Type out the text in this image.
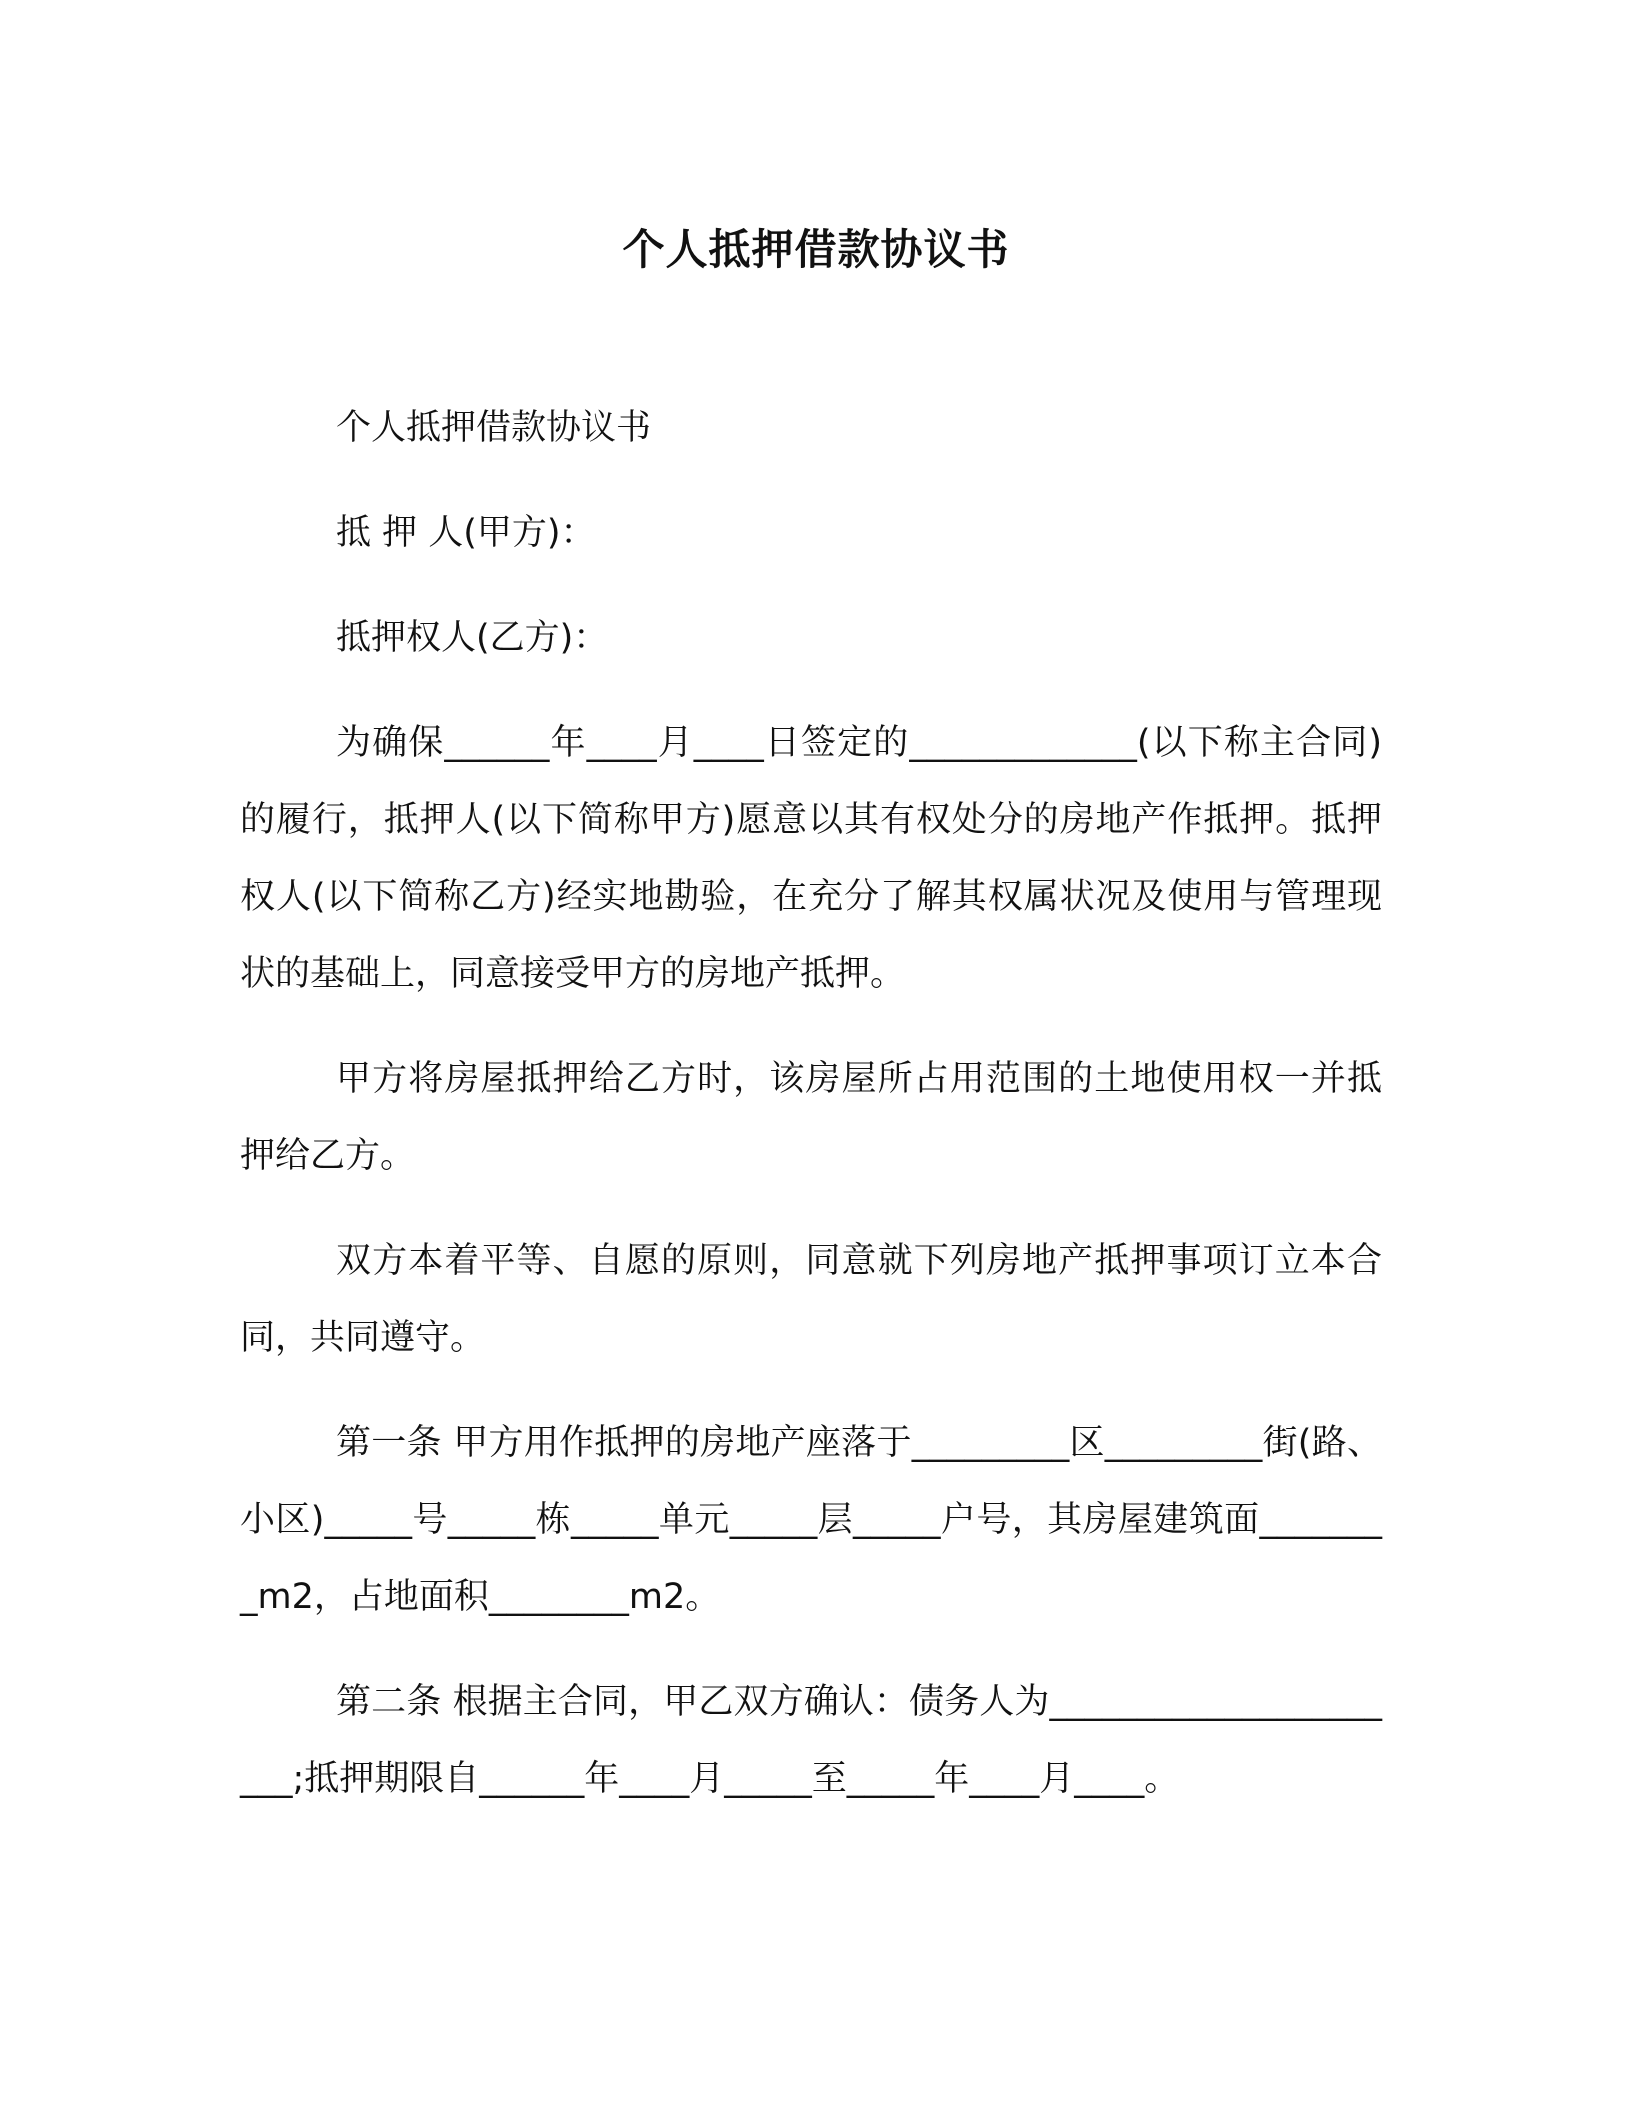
个人抵押借款协议书

个人抵押借款协议书

抵 押 人(甲方)：

抵押权人(乙方)：

为确保______年____月____日签定的_____________(以下称主合同)的履行，抵押人(以下简称甲方)愿意以其有权处分的房地产作抵押。抵押权人(以下简称乙方)经实地勘验，在充分了解其权属状况及使用与管理现状的基础上，同意接受甲方的房地产抵押。

甲方将房屋抵押给乙方时，该房屋所占用范围的土地使用权一并抵押给乙方。

双方本着平等、自愿的原则，同意就下列房地产抵押事项订立本合同，共同遵守。

第一条 甲方用作抵押的房地产座落于_________区_________街(路、小区)_____号_____栋_____单元_____层_____户号，其房屋建筑面________m2，占地面积________m2。

第二条 根据主合同，甲乙双方确认：债务人为______________________;抵押期限自______年____月_____至_____年____月____。
